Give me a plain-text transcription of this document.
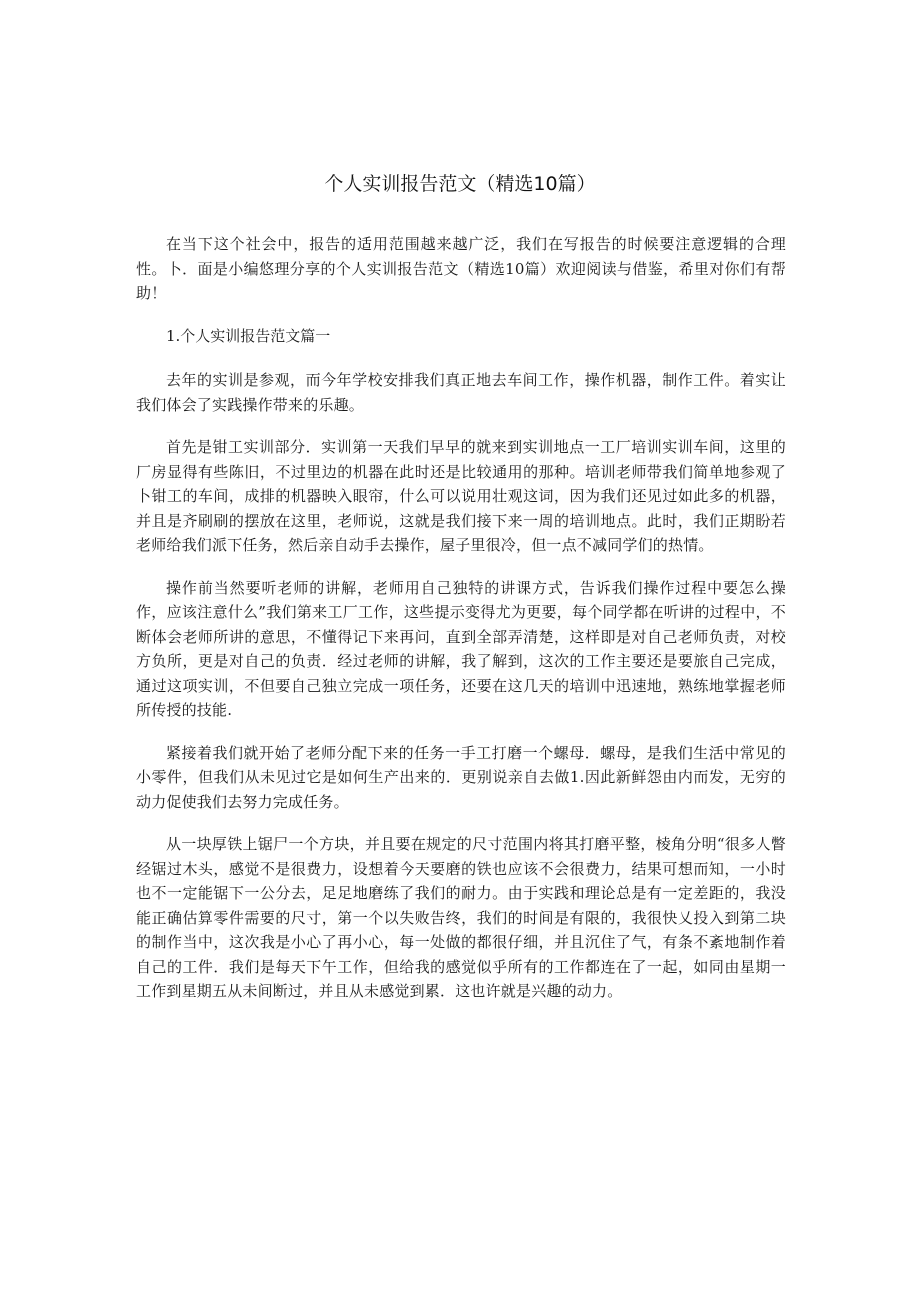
个人实训报告范文（精选10篇）

在当下这个社会中，报告的适用范围越来越广泛，我们在写报告的时候要注意逻辑的合理性。卜．面是小编悠理分享的个人实训报告范文（精选10篇）欢迎阅读与借鉴，希里对你们有帮助！

1.个人实训报告范文篇一

去年的实训是参观，而今年学校安排我们真正地去车间工作，操作机器，制作工件。着实让我们体会了实践操作带来的乐趣。

首先是钳工实训部分．实训第一天我们早早的就来到实训地点一工厂培训实训车间，这里的厂房显得有些陈旧，不过里边的机器在此时还是比较通用的那种。培训老师带我们简单地参观了卜钳工的车间，成排的机器映入眼帘，什么可以说用壮观这词，因为我们还见过如此多的机器，并且是齐刷刷的摆放在这里，老师说，这就是我们接下来一周的培训地点。此时，我们正期盼若老师给我们派下任务，然后亲自动手去操作，屋子里很冷，但一点不减同学们的热情。

操作前当然要听老师的讲解，老师用自己独特的讲课方式，告诉我们操作过程中要怎么操作，应该注意什么”我们第来工厂工作，这些提示变得尤为更要，每个同学都在听讲的过程中，不断体会老师所讲的意思，不懂得记下来再问，直到全部弄清楚，这样即是对自己老师负责，对校方负所，更是对自己的负责．经过老师的讲解，我了解到，这次的工作主要还是要旅自己完成，通过这项实训，不但要自己独立完成一项任务，还要在这几天的培训中迅速地，熟练地掌握老师所传授的技能.

紧接着我们就开始了老师分配下来的任务一手工打磨一个螺母．螺母，是我们生活中常见的小零件，但我们从未见过它是如何生产出来的．更别说亲自去做1.因此新鲜怨由内而发，无穷的动力促使我们去努力完成任务。

从一块厚铁上锯尸一个方块，并且要在规定的尺寸范围内将其打磨平整，棱角分明“很多人瞥经锯过木头，感觉不是很费力，设想着今天要磨的铁也应该不会很费力，结果可想而知，一小时也不一定能锯下一公分去，足足地磨练了我们的耐力。由于实践和理论总是有一定差距的，我没能正确估算零件需要的尺寸，第一个以失败告终，我们的时间是有限的，我很快乂投入到第二块的制作当中，这次我是小心了再小心，每一处做的都很仔细，并且沉住了气，有条不紊地制作着自己的工件．我们是每天下午工作，但给我的感觉似乎所有的工作都连在了一起，如同由星期一工作到星期五从未间断过，并且从未感觉到累．这也许就是兴趣的动力。
